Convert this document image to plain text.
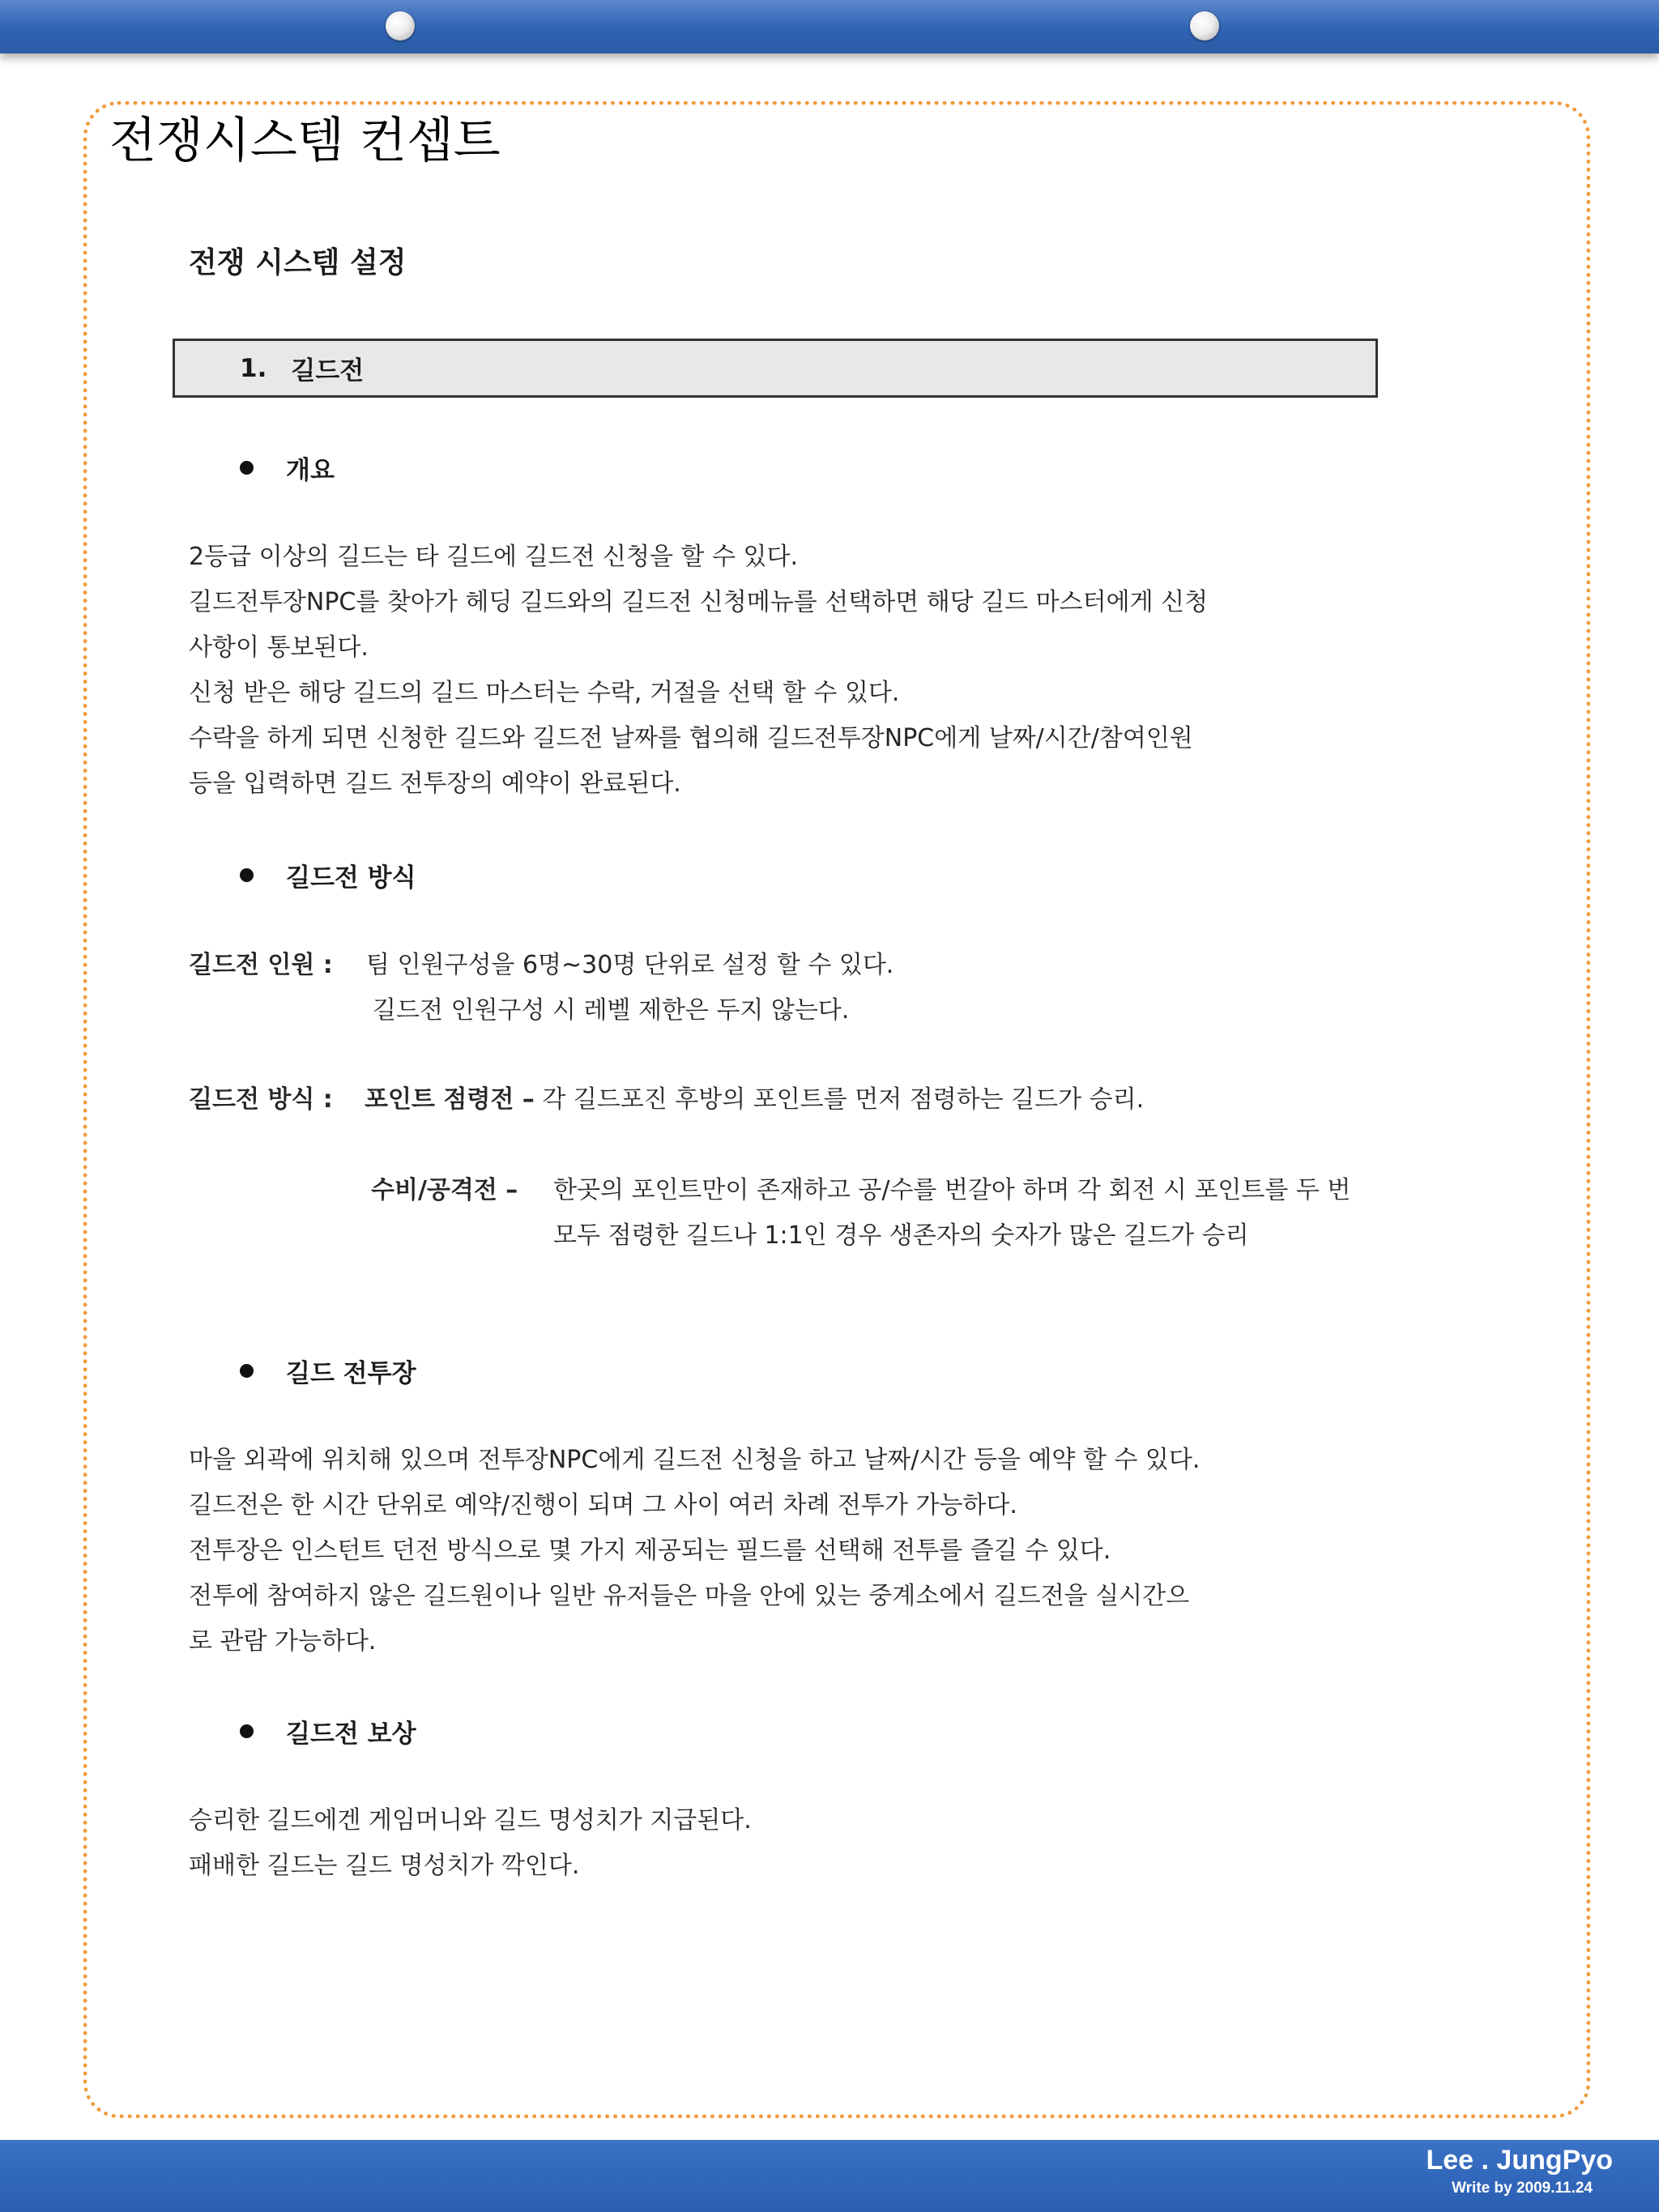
전쟁시스템 컨셉트
전쟁 시스템 설정
1. 길드전
개요
2등급 이상의 길드는 타 길드에 길드전 신청을 할 수 있다.
길드전투장NPC를 찾아가 헤딩 길드와의 길드전 신청메뉴를 선택하면 해당 길드 마스터에게 신청
사항이 통보된다.
신청 받은 해당 길드의 길드 마스터는 수락, 거절을 선택 할 수 있다.
수락을 하게 되면 신청한 길드와 길드전 날짜를 협의해 길드전투장NPC에게 날짜/시간/참여인원
등을 입력하면 길드 전투장의 예약이 완료된다.
길드전 방식
길드전 인원 : 팀 인원구성을 6명~30명 단위로 설정 할 수 있다.
길드전 인원구성 시 레벨 제한은 두지 않는다.
길드전 방식 : 포인트 점령전 – 각 길드포진 후방의 포인트를 먼저 점령하는 길드가 승리.
수비/공격전 – 한곳의 포인트만이 존재하고 공/수를 번갈아 하며 각 회전 시 포인트를 두 번 모두 점령한 길드나 1:1인 경우 생존자의 숫자가 많은 길드가 승리
길드 전투장
마을 외곽에 위치해 있으며 전투장NPC에게 길드전 신청을 하고 날짜/시간 등을 예약 할 수 있다.
길드전은 한 시간 단위로 예약/진행이 되며 그 사이 여러 차례 전투가 가능하다.
전투장은 인스턴트 던전 방식으로 몇 가지 제공되는 필드를 선택해 전투를 즐길 수 있다.
전투에 참여하지 않은 길드원이나 일반 유저들은 마을 안에 있는 중계소에서 길드전을 실시간으
로 관람 가능하다.
길드전 보상
승리한 길드에겐 게임머니와 길드 명성치가 지급된다.
패배한 길드는 길드 명성치가 깍인다.
Lee . JungPyo
Write by 2009.11.24
